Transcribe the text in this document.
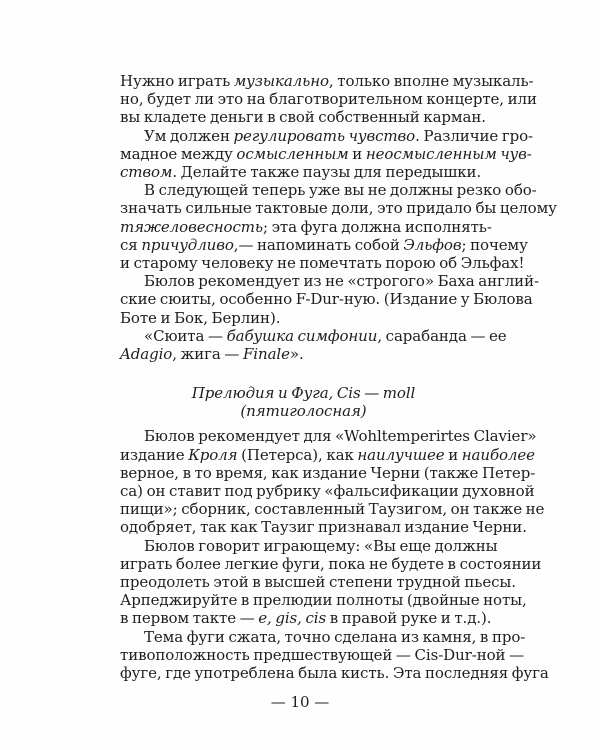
Нужно играть музыкально, только вполне музыкаль-
но, будет ли это на благотворительном концерте, или
вы кладете деньги в свой собственный карман.
Ум должен регулировать чувство. Различие гро-
мадное между осмысленным и неосмысленным чув-
ством. Делайте также паузы для передышки.
В следующей теперь уже вы не должны резко обо-
значать сильные тактовые доли, это придало бы целому
тяжеловесность; эта фуга должна исполнять-
ся причудливо,— напоминать собой Эльфов; почему
и старому человеку не помечтать порою об Эльфах!
Бюлов рекомендует из не «строгого» Баха англий-
ские сюиты, особенно F-Dur-ную. (Издание у Бюлова
Боте и Бок, Берлин).
«Сюита — бабушка симфонии, сарабанда — ее
Adagio, жига — Finale».
Прелюдия и Фуга, Cis — moll
(пятиголосная)
Бюлов рекомендует для «Wohltemperirtes Clavier»
издание Кроля (Петерса), как наилучшее и наиболее
верное, в то время, как издание Черни (также Петер-
са) он ставит под рубрику «фальсификации духовной
пищи»; сборник, составленный Таузигом, он также не
одобряет, так как Таузиг признавал издание Черни.
Бюлов говорит играющему: «Вы еще должны
играть более легкие фуги, пока не будете в состоянии
преодолеть этой в высшей степени трудной пьесы.
Арпеджируйте в прелюдии полноты (двойные ноты,
в первом такте — e, gis, cis в правой руке и т.д.).
Тема фуги сжата, точно сделана из камня, в про-
тивоположность предшествующей — Cis-Dur-ной —
фуге, где употреблена была кисть. Эта последняя фуга
— 10 —
